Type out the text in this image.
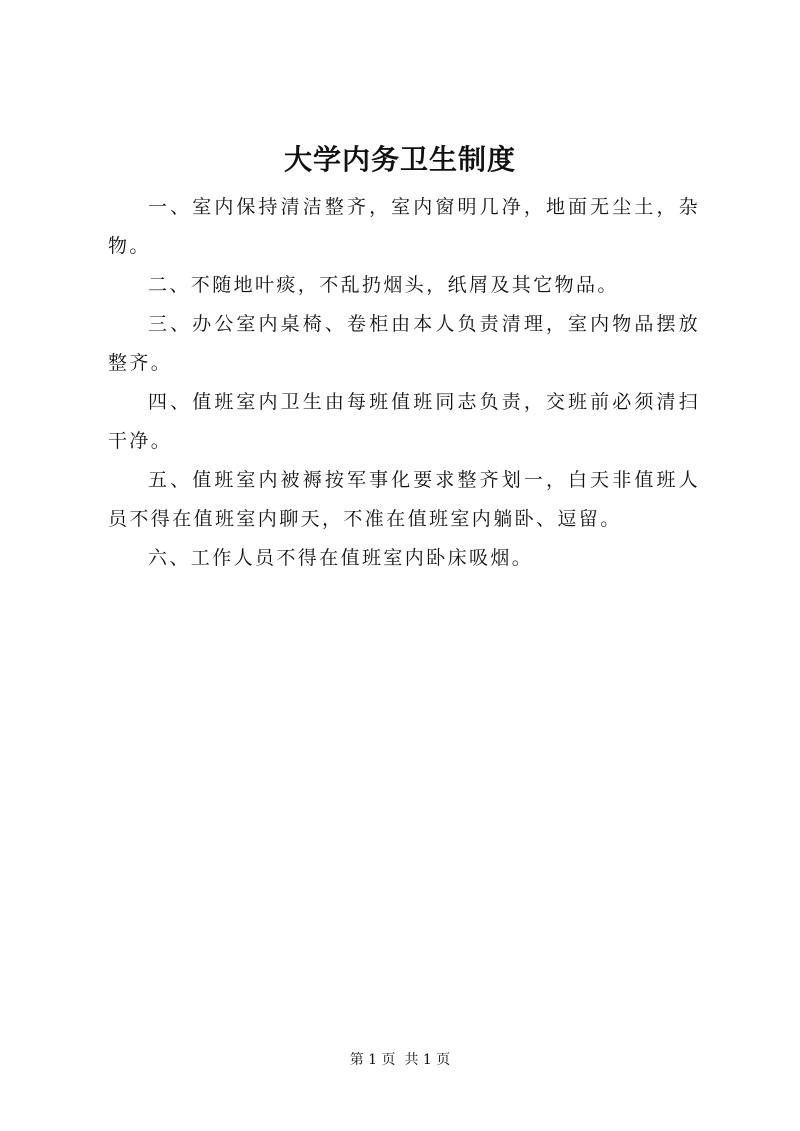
大学内务卫生制度

一、室内保持清洁整齐，室内窗明几净，地面无尘土，杂物。

二、不随地叶痰，不乱扔烟头，纸屑及其它物品。

三、办公室内桌椅、卷柜由本人负责清理，室内物品摆放整齐。

四、值班室内卫生由每班值班同志负责，交班前必须清扫干净。

五、值班室内被褥按军事化要求整齐划一，白天非值班人员不得在值班室内聊天，不准在值班室内躺卧、逗留。

六、工作人员不得在值班室内卧床吸烟。

第 1 页  共 1 页
